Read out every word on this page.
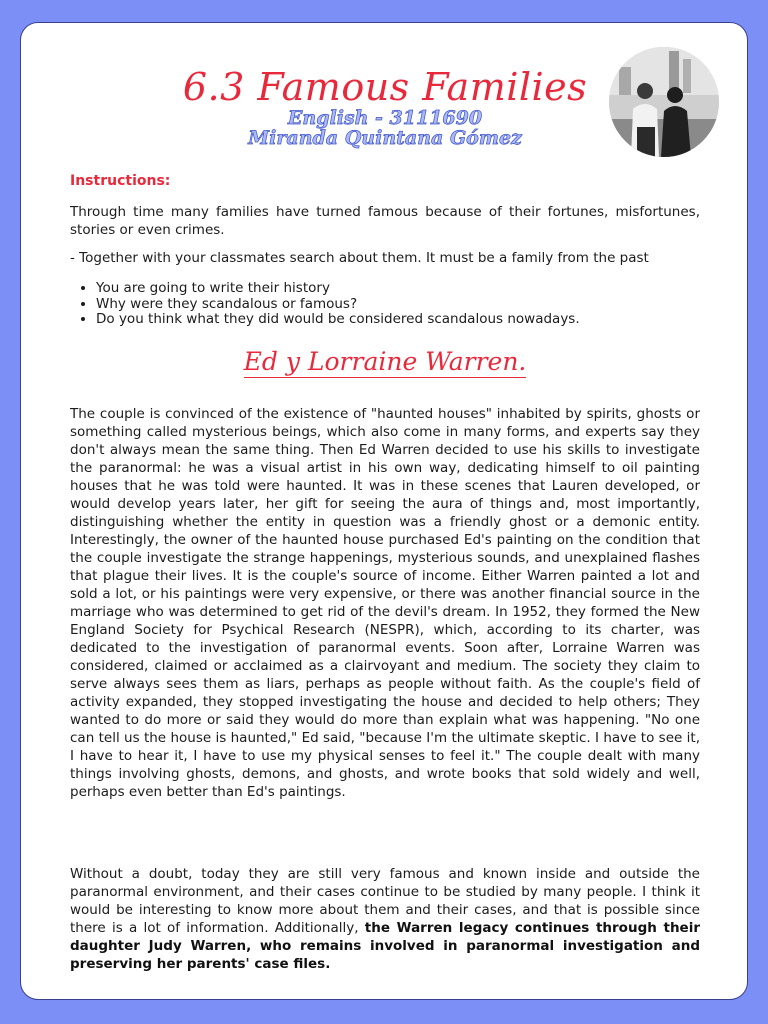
6.3 Famous Families
English - 3111690
Miranda Quintana Gómez
Instructions:

Through time many families have turned famous because of their fortunes, misfortunes, stories or even crimes.

- Together with your classmates search about them. It must be a family from the past

• You are going to write their history
• Why were they scandalous or famous?
• Do you think what they did would be considered scandalous nowadays.
Ed y Lorraine Warren.

The couple is convinced of the existence of "haunted houses" inhabited by spirits, ghosts or something called mysterious beings, which also come in many forms, and experts say they don't always mean the same thing. Then Ed Warren decided to use his skills to investigate the paranormal: he was a visual artist in his own way, dedicating himself to oil painting houses that he was told were haunted. It was in these scenes that Lauren developed, or would develop years later, her gift for seeing the aura of things and, most importantly, distinguishing whether the entity in question was a friendly ghost or a demonic entity. Interestingly, the owner of the haunted house purchased Ed's painting on the condition that the couple investigate the strange happenings, mysterious sounds, and unexplained flashes that plague their lives. It is the couple's source of income. Either Warren painted a lot and sold a lot, or his paintings were very expensive, or there was another financial source in the marriage who was determined to get rid of the devil's dream. In 1952, they formed the New England Society for Psychical Research (NESPR), which, according to its charter, was dedicated to the investigation of paranormal events. Soon after, Lorraine Warren was considered, claimed or acclaimed as a clairvoyant and medium. The society they claim to serve always sees them as liars, perhaps as people without faith. As the couple's field of activity expanded, they stopped investigating the house and decided to help others; They wanted to do more or said they would do more than explain what was happening. "No one can tell us the house is haunted," Ed said, "because I'm the ultimate skeptic. I have to see it, I have to hear it, I have to use my physical senses to feel it." The couple dealt with many things involving ghosts, demons, and ghosts, and wrote books that sold widely and well, perhaps even better than Ed's paintings.

Without a doubt, today they are still very famous and known inside and outside the paranormal environment, and their cases continue to be studied by many people. I think it would be interesting to know more about them and their cases, and that is possible since there is a lot of information. Additionally, the Warren legacy continues through their daughter Judy Warren, who remains involved in paranormal investigation and preserving her parents' case files.
